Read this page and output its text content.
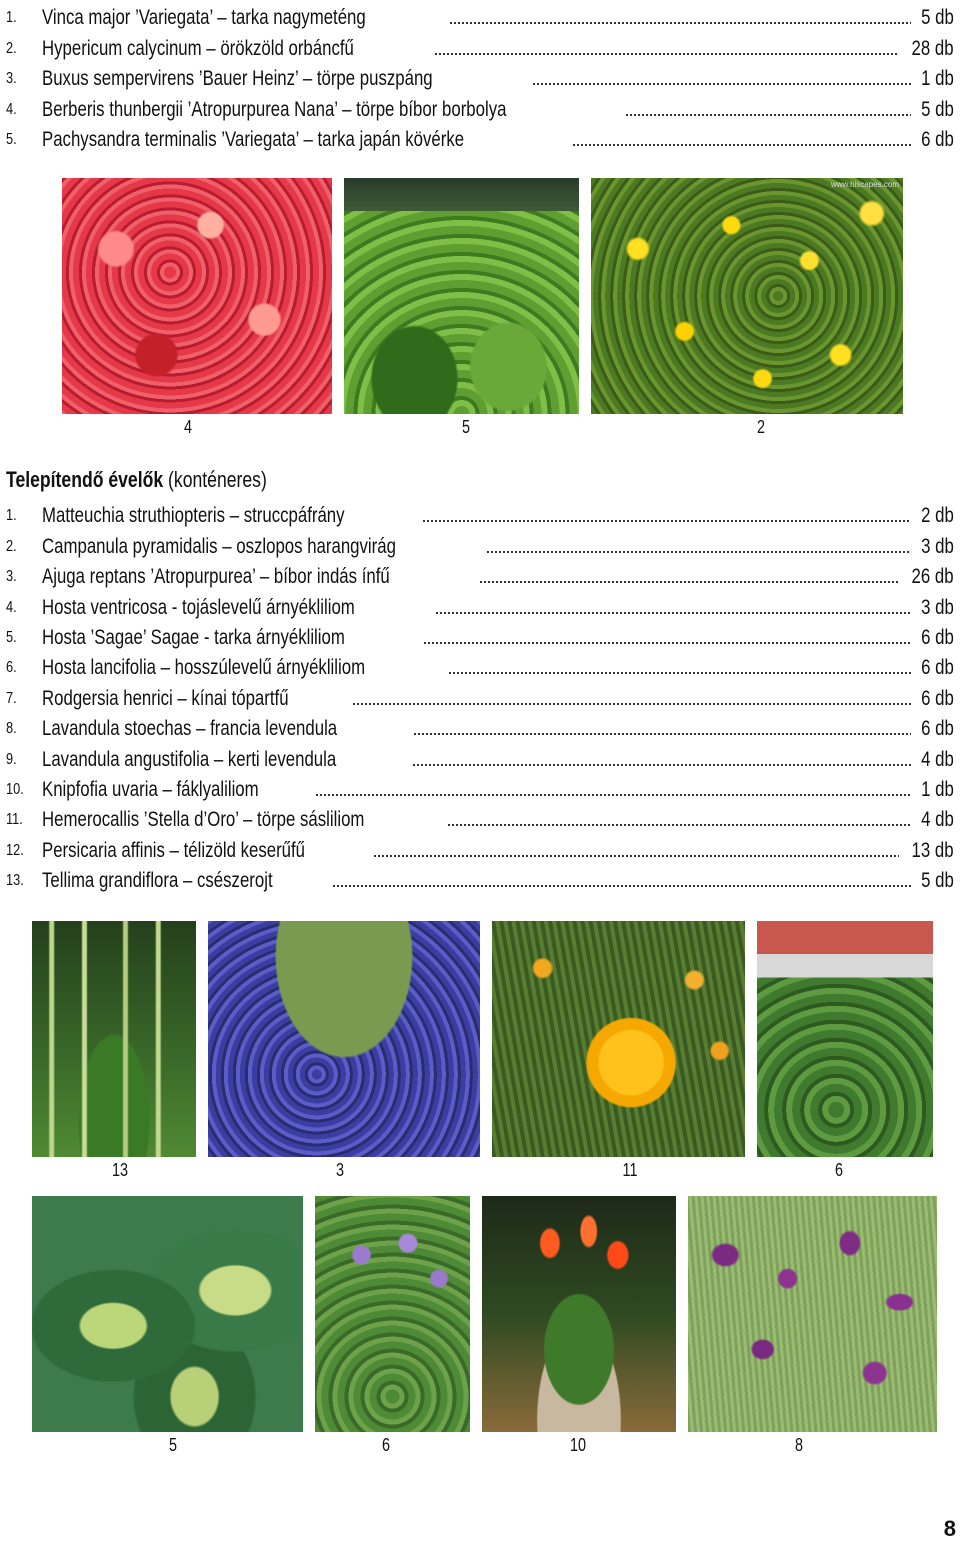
1.	Vinca major ’Variegata’ – tarka nagymeténg	5 db
2.	Hypericum calycinum – örökzöld orbáncfű	28 db
3.	Buxus sempervirens ’Bauer Heinz’ – törpe puszpáng	1 db
4.	Berberis thunbergii ’Atropurpurea Nana’ – törpe bíbor borbolya	5 db
5.	Pachysandra terminalis ’Variegata’ – tarka japán kövérke	6 db
www.hiscapes.com
4	5	2
Telepítendő évelők (konténeres)
1.	Matteuchia struthiopteris – struccpáfrány	2 db
2.	Campanula pyramidalis – oszlopos harangvirág	3 db
3.	Ajuga reptans ’Atropurpurea’ – bíbor indás ínfű	26 db
4.	Hosta ventricosa - tojáslevelű árnyékliliom	3 db
5.	Hosta ’Sagae’ Sagae - tarka árnyékliliom	6 db
6.	Hosta lancifolia – hosszúlevelű árnyékliliom	6 db
7.	Rodgersia henrici – kínai tópartfű	6 db
8.	Lavandula stoechas – francia levendula	6 db
9.	Lavandula angustifolia – kerti levendula	4 db
10. Knipfofia uvaria – fáklyaliliom	1 db
11. Hemerocallis ’Stella d’Oro’ – törpe sásliliom	4 db
12. Persicaria affinis – télizöld keserűfű	13 db
13. Tellima grandiflora – csészerojt	5 db
13	3	11	6
5	6	10	8
8
